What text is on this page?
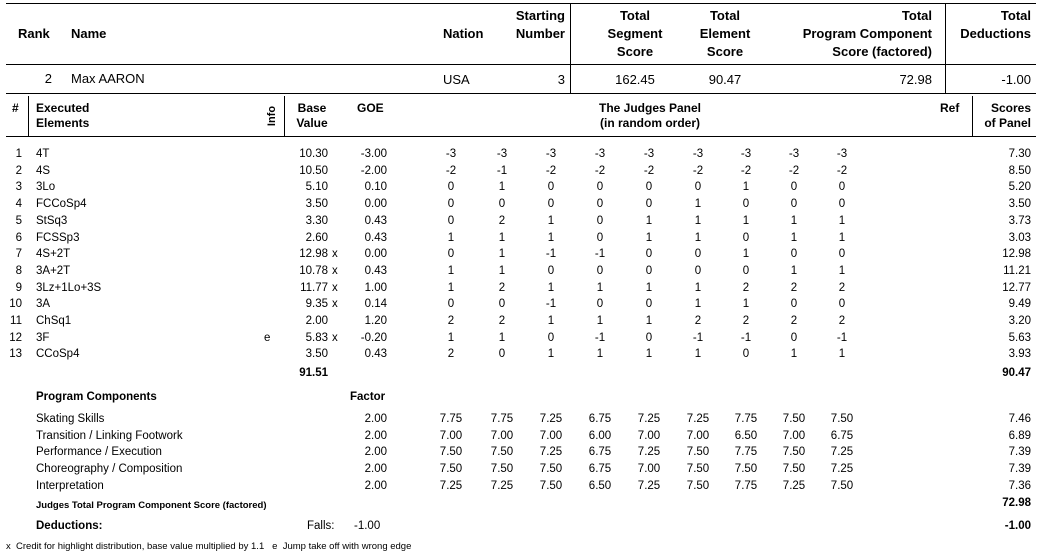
Rank Name	Nation
Starting
Number
Total
Segment
Score
Total
Element
Score
Total
Program Component
Score (factored)
Total
Deductions
2 Max AARON	USA	3	162.45	90.47	72.98	-1.00
# Executed
Elements	Info	Base
Value
GOE	The Judges Panel
(in random order)
Ref	Scores
of Panel
1 4T	10.30	-3.00	-3	-3	-3	-3	-3	-3	-3	-3	-3	7.30
2 4S	10.50	-2.00	-2	-1	-2	-2	-2	-2	-2	-2	-2	8.50
3 3Lo	5.10	0.10	0	1	0	0	0	0	1	0	0	5.20
4 FCCoSp4	3.50	0.00	0	0	0	0	0	1	0	0	0	3.50
5 StSq3	3.30	0.43	0	2	1	0	1	1	1	1	1	3.73
6 FCSSp3	2.60	0.43	1	1	1	0	1	1	0	1	1	3.03
7 4S+2T	12.98 x	0.00	0	1	-1	-1	0	0	1	0	0	12.98
8 3A+2T	10.78 x	0.43	1	1	0	0	0	0	0	1	1	11.21
9 3Lz+1Lo+3S	11.77 x	1.00	1	2	1	1	1	1	2	2	2	12.77
10 3A	9.35 x	0.14	0	0	-1	0	0	1	1	0	0	9.49
11 ChSq1	2.00	1.20	2	2	1	1	1	2	2	2	2	3.20
12 3F	e	5.83 x	-0.20	1	1	0	-1	0	-1	-1	0	-1	5.63
13 CCoSp4	3.50	0.43	2	0	1	1	1	1	0	1	1	3.93
91.51	90.47
Program Components	Factor
Skating Skills	2.00	7.75	7.75	7.25	6.75	7.25	7.25	7.75	7.50	7.50	7.46
Transition / Linking Footwork	2.00	7.00	7.00	7.00	6.00	7.00	7.00	6.50	7.00	6.75	6.89
Performance / Execution	2.00	7.50	7.50	7.25	6.75	7.25	7.50	7.75	7.50	7.25	7.39
Choreography / Composition	2.00	7.50	7.50	7.50	6.75	7.00	7.50	7.50	7.50	7.25	7.39
Interpretation	2.00	7.25	7.25	7.50	6.50	7.25	7.50	7.75	7.25	7.50	7.36
Judges Total Program Component Score (factored)	72.98
Deductions:	Falls: -1.00	-1.00
x  Credit for highlight distribution, base value multiplied by 1.1   e  Jump take off with wrong edge
